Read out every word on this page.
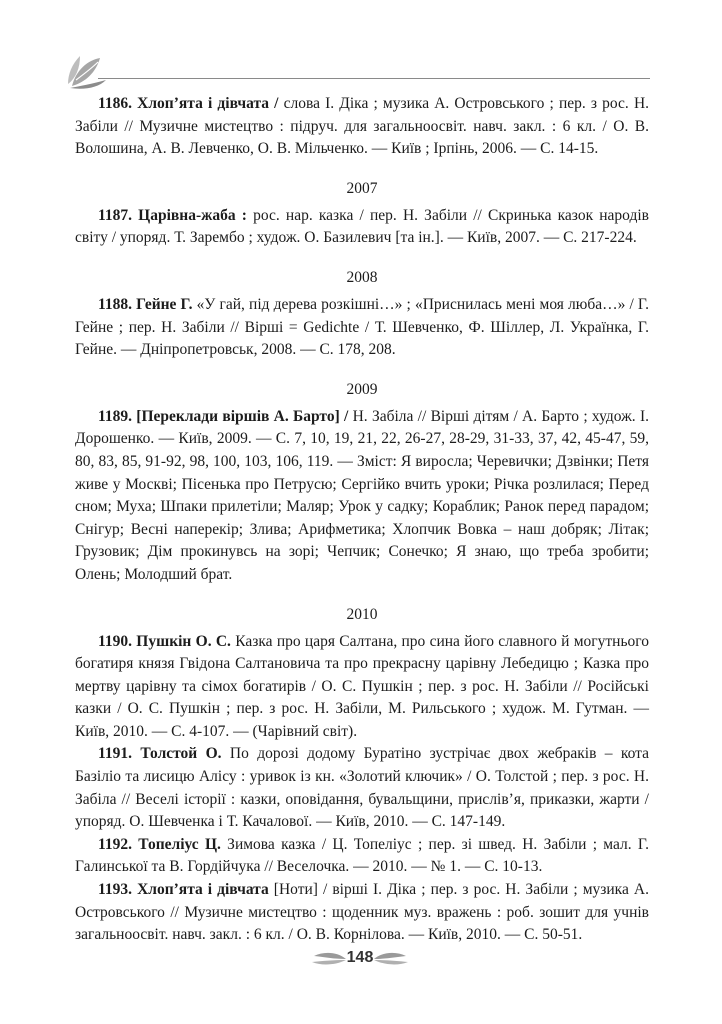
1186. Хлоп’ята і дівчата / слова І. Діка ; музика А. Островського ; пер. з рос. Н. Забіли // Музичне мистецтво : підруч. для загальноосвіт. навч. закл. : 6 кл. / О. В. Волошина, А. В. Левченко, О. В. Мільченко. — Київ ; Ірпінь, 2006. — С. 14-15.

2007

1187. Царівна-жаба : рос. нар. казка / пер. Н. Забіли // Скринька казок народів світу / упоряд. Т. Зарембо ; худож. О. Базилевич [та ін.]. — Київ, 2007. — С. 217-224.

2008

1188. Гейне Г. «У гай, під дерева розкішні…» ; «Приснилась мені моя люба…» / Г. Гейне ; пер. Н. Забіли // Вірші = Gedichte / Т. Шевченко, Ф. Шіллер, Л. Українка, Г. Гейне. — Дніпропетровськ, 2008. — С. 178, 208.

2009

1189. [Переклади віршів А. Барто] / Н. Забіла // Вірші дітям / А. Барто ; худож. І. Дорошенко. — Київ, 2009. — С. 7, 10, 19, 21, 22, 26-27, 28-29, 31-33, 37, 42, 45-47, 59, 80, 83, 85, 91-92, 98, 100, 103, 106, 119. — Зміст: Я виросла; Черевички; Дзвінки; Петя живе у Москві; Пісенька про Петрусю; Сергійко вчить уроки; Річка розлилася; Перед сном; Муха; Шпаки прилетіли; Маляр; Урок у садку; Кораблик; Ранок перед парадом; Снігур; Весні наперекір; Злива; Арифметика; Хлопчик Вовка – наш добряк; Літак; Грузовик; Дім прокинувсь на зорі; Чепчик; Сонечко; Я знаю, що треба зробити; Олень; Молодший брат.

2010

1190. Пушкін О. С. Казка про царя Салтана, про сина його славного й могутнього богатиря князя Гвідона Салтановича та про прекрасну царівну Лебедицю ; Казка про мертву царівну та сімох богатирів / О. С. Пушкін ; пер. з рос. Н. Забіли // Російські казки / О. С. Пушкін ; пер. з рос. Н. Забіли, М. Рильського ; худож. М. Гутман. — Київ, 2010. — С. 4-107. — (Чарівний світ).

1191. Толстой О. По дорозі додому Буратіно зустрічає двох жебраків – кота Базіліо та лисицю Алісу : уривок із кн. «Золотий ключик» / О. Толстой ; пер. з рос. Н. Забіла // Веселі історії : казки, оповідання, бувальщини, прислів’я, приказки, жарти / упоряд. О. Шевченка і Т. Качалової. — Київ, 2010. — С. 147-149.

1192. Топеліус Ц. Зимова казка / Ц. Топеліус ; пер. зі швед. Н. Забіли ; мал. Г. Галинської та В. Гордійчука // Веселочка. — 2010. — № 1. — С. 10-13.

1193. Хлоп’ята і дівчата [Ноти] / вірші І. Діка ; пер. з рос. Н. Забіли ; музика А. Островського // Музичне мистецтво : щоденник муз. вражень : роб. зошит для учнів загальноосвіт. навч. закл. : 6 кл. / О. В. Корнілова. — Київ, 2010. — С. 50-51.

148
